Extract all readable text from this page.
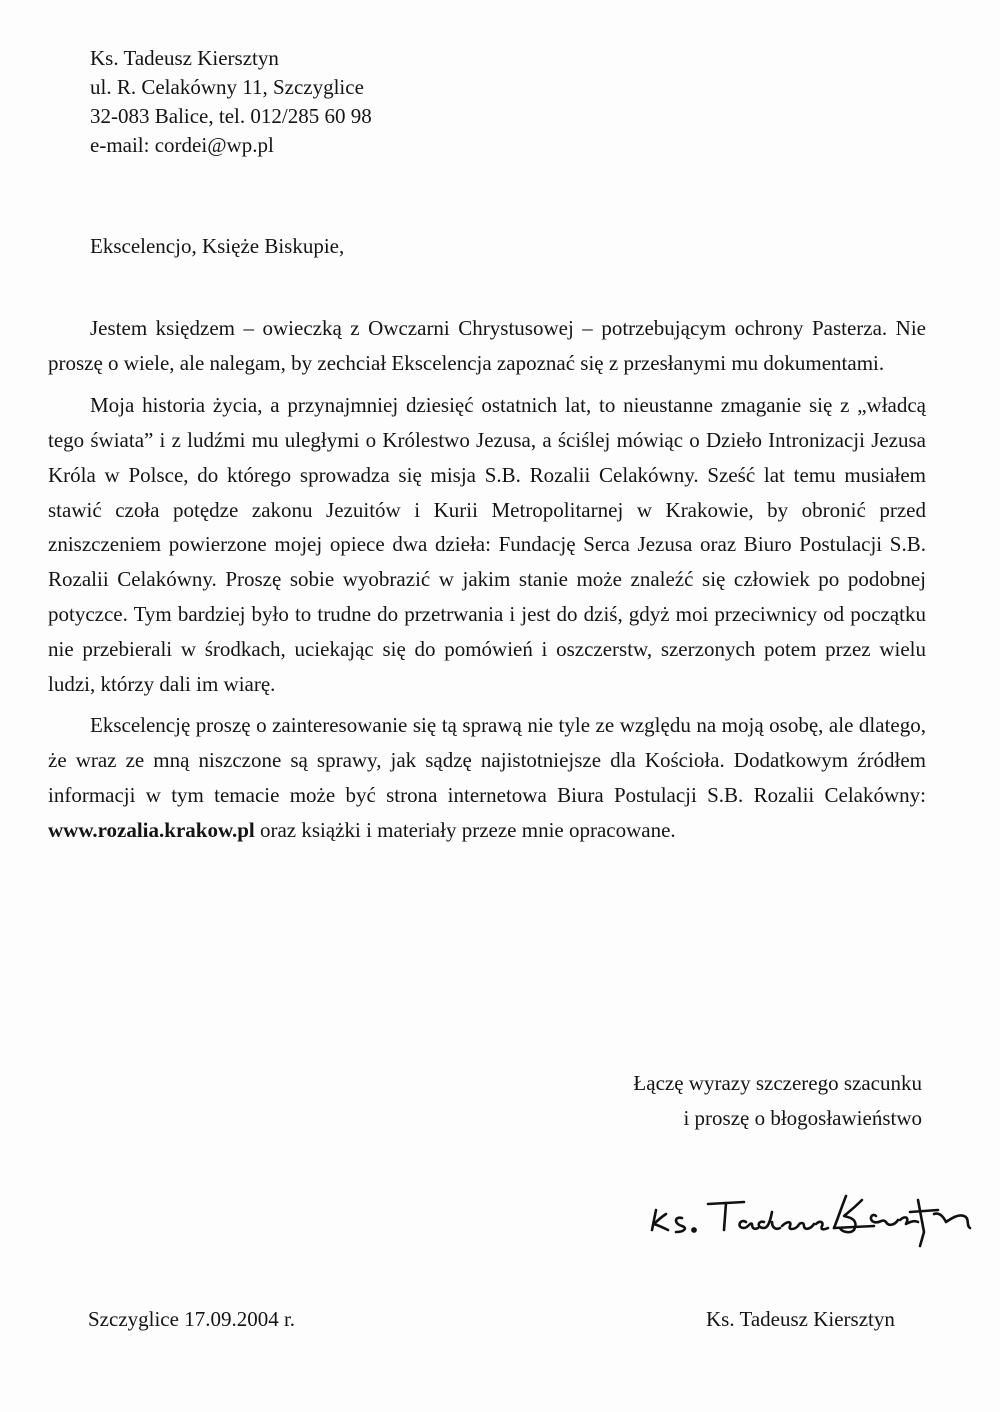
Ks. Tadeusz Kiersztyn
ul. R. Celakówny 11, Szczyglice
32-083 Balice, tel. 012/285 60 98
e-mail: cordei@wp.pl
Ekscelencjo, Księże Biskupie,

Jestem księdzem – owieczką z Owczarni Chrystusowej – potrzebującym ochrony Pasterza. Nie proszę o wiele, ale nalegam, by zechciał Ekscelencja zapoznać się z przesłanymi mu dokumentami.

Moja historia życia, a przynajmniej dziesięć ostatnich lat, to nieustanne zmaganie się z „władcą tego świata” i z ludźmi mu uległymi o Królestwo Jezusa, a ściślej mówiąc o Dzieło Intronizacji Jezusa Króla w Polsce, do którego sprowadza się misja S.B. Rozalii Celakówny. Sześć lat temu musiałem stawić czoła potędze zakonu Jezuitów i Kurii Metropolitarnej w Krakowie, by obronić przed zniszczeniem powierzone mojej opiece dwa dzieła: Fundację Serca Jezusa oraz Biuro Postulacji S.B. Rozalii Celakówny. Proszę sobie wyobrazić w jakim stanie może znaleźć się człowiek po podobnej potyczce. Tym bardziej było to trudne do przetrwania i jest do dziś, gdyż moi przeciwnicy od początku nie przebierali w środkach, uciekając się do pomówień i oszczerstw, szerzonych potem przez wielu ludzi, którzy dali im wiarę.

Ekscelencję proszę o zainteresowanie się tą sprawą nie tyle ze względu na moją osobę, ale dlatego, że wraz ze mną niszczone są sprawy, jak sądzę najistotniejsze dla Kościoła. Dodatkowym źródłem informacji w tym temacie może być strona internetowa Biura Postulacji S.B. Rozalii Celakówny: www.rozalia.krakow.pl oraz książki i materiały przeze mnie opracowane.

Łączę wyrazy szczerego szacunku
i proszę o błogosławieństwo
Szczyglice 17.09.2004 r.	Ks. Tadeusz Kiersztyn
